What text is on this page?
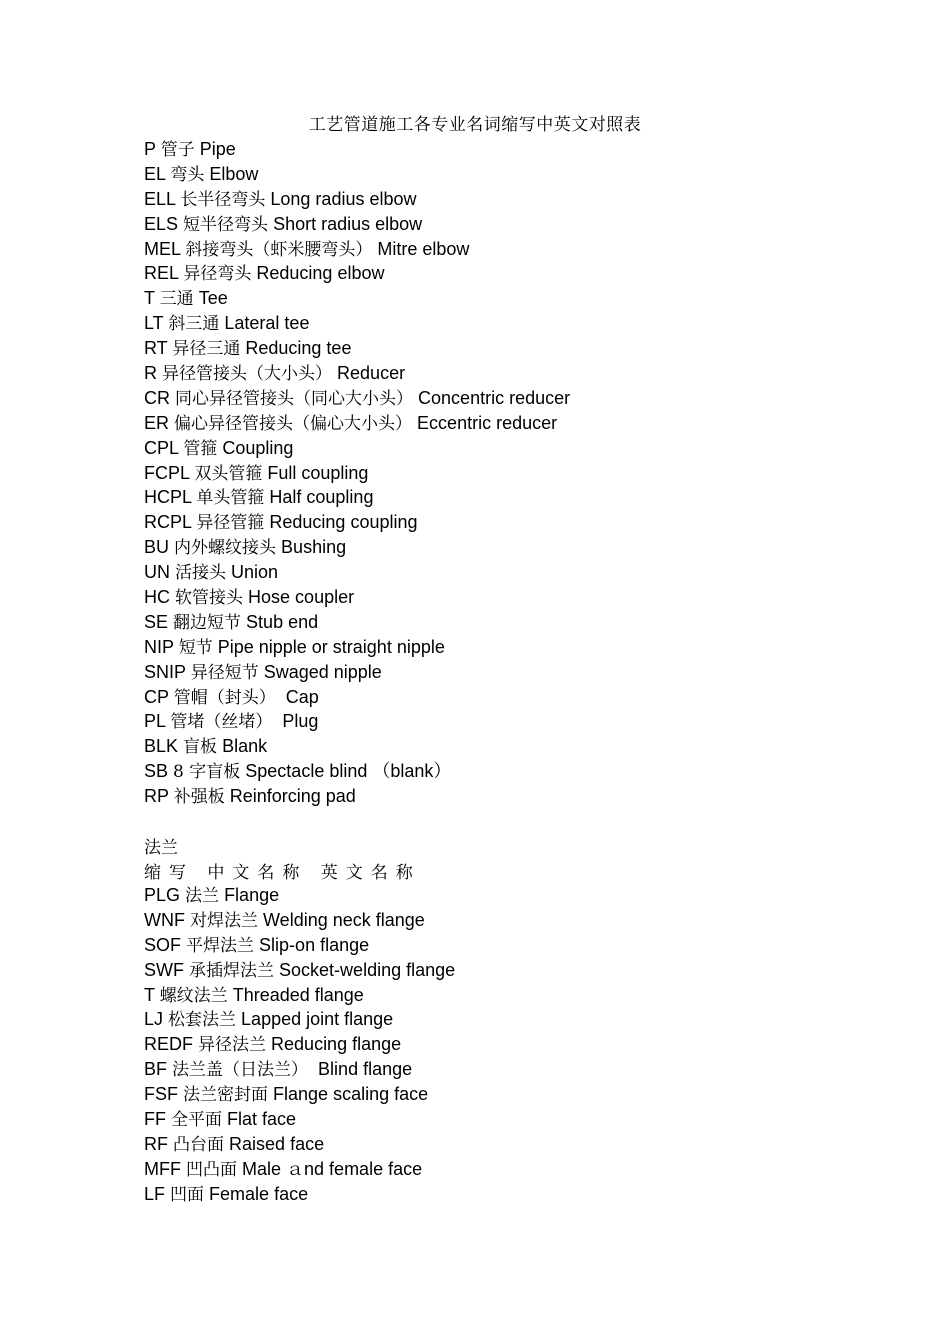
工艺管道施工各专业名词缩写中英文对照表
P 管子 Pipe
EL 弯头 Elbow
ELL 长半径弯头 Long radius elbow
ELS 短半径弯头 Short radius elbow
MEL 斜接弯头（虾米腰弯头） Mitre elbow
REL 异径弯头 Reducing elbow
T 三通 Tee
LT 斜三通 Lateral tee
RT 异径三通 Reducing tee
R 异径管接头（大小头） Reducer
CR 同心异径管接头（同心大小头） Concentric reducer
ER 偏心异径管接头（偏心大小头） Eccentric reducer
CPL 管箍 Coupling
FCPL 双头管箍 Full coupling
HCPL 单头管箍 Half coupling
RCPL 异径管箍 Reducing coupling
BU 内外螺纹接头 Bushing
UN 活接头 Union
HC 软管接头 Hose coupler
SE 翻边短节 Stub end
NIP 短节 Pipe nipple or straight nipple
SNIP 异径短节 Swaged nipple
CP 管帽（封头）  Cap
PL 管堵（丝堵）  Plug
BLK 盲板 Blank
SB 8 字盲板 Spectacle blind （blank）
RP 补强板 Reinforcing pad
法兰
缩写 中文名称 英文名称
PLG 法兰 Flange
WNF 对焊法兰 Welding neck flange
SOF 平焊法兰 Slip-on flange
SWF 承插焊法兰 Socket-welding flange
T 螺纹法兰 Threaded flange
LJ 松套法兰 Lapped joint flange
REDF 异径法兰 Reducing flange
BF 法兰盖（日法兰）  Blind flange
FSF 法兰密封面 Flange scaling face
FF 全平面 Flat face
RF 凸台面 Raised face
MFF 凹凸面 Male ａnd female face
LF 凹面 Female face
